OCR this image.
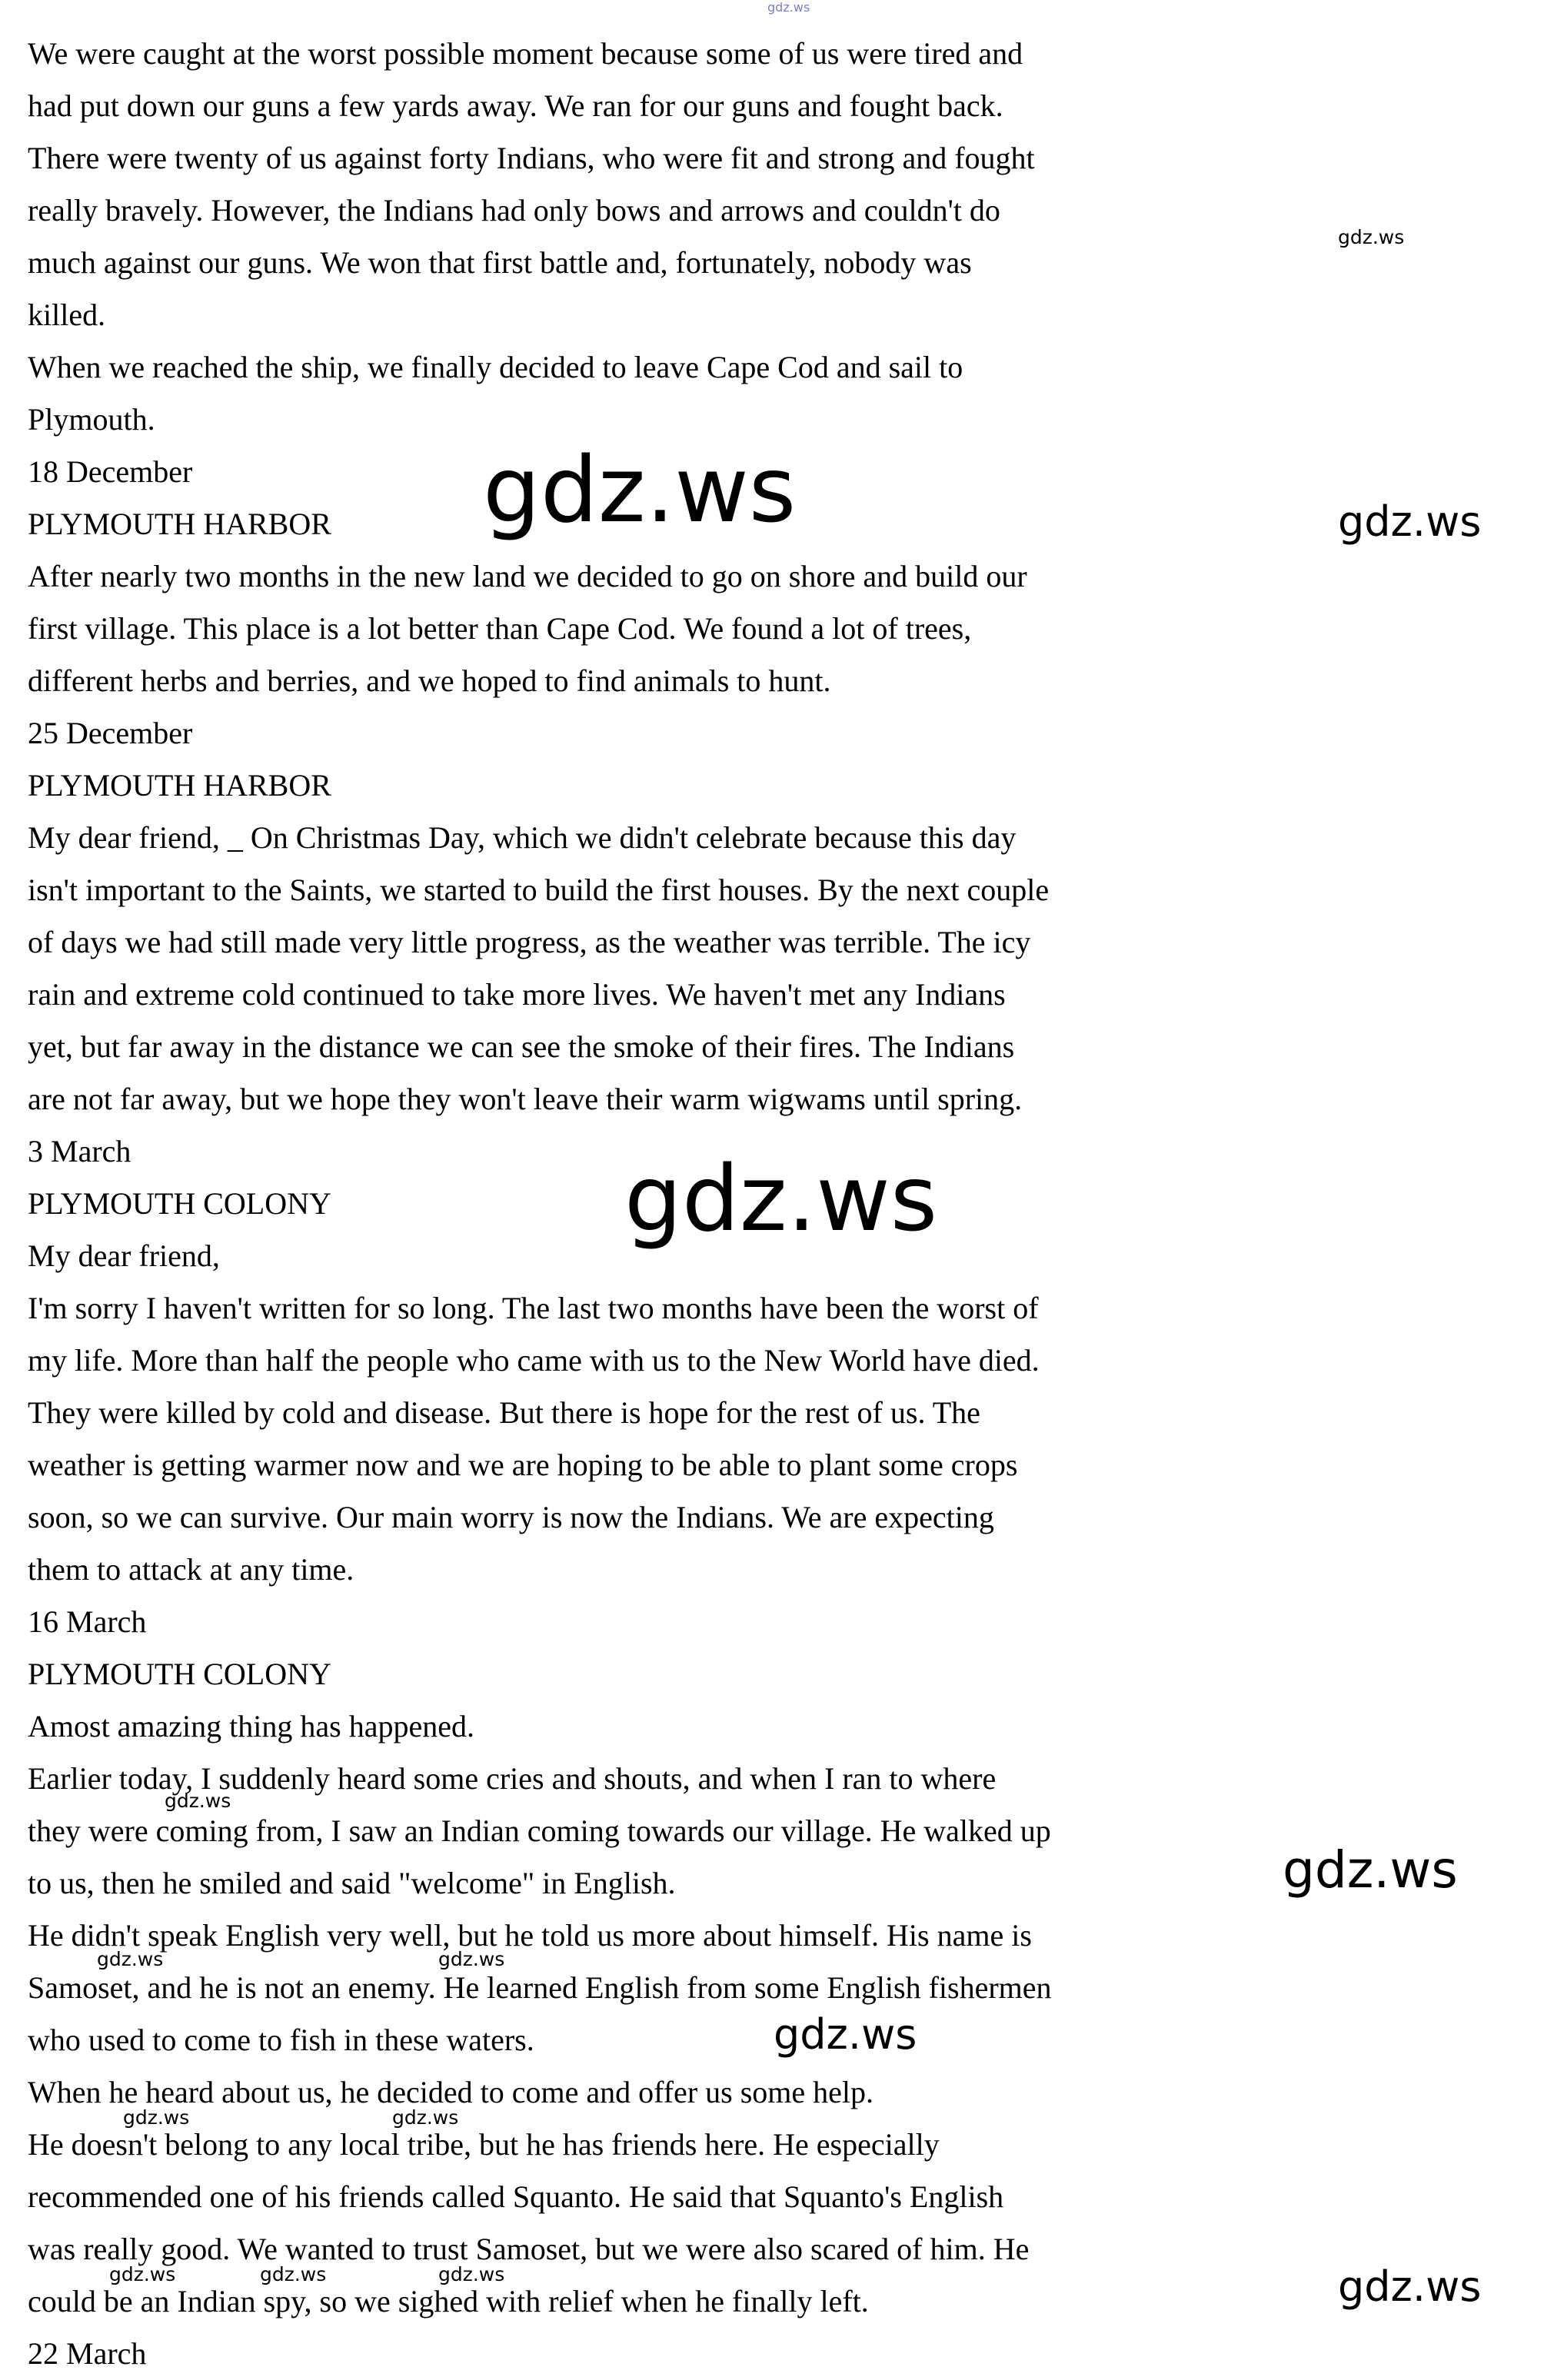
We were caught at the worst possible moment because some of us were tired and
had put down our guns a few yards away. We ran for our guns and fought back.
There were twenty of us against forty Indians, who were fit and strong and fought
really bravely. However, the Indians had only bows and arrows and couldn't do
much against our guns. We won that first battle and, fortunately, nobody was
killed.
When we reached the ship, we finally decided to leave Cape Cod and sail to
Plymouth.
18 December
PLYMOUTH HARBOR
After nearly two months in the new land we decided to go on shore and build our
first village. This place is a lot better than Cape Cod. We found a lot of trees,
different herbs and berries, and we hoped to find animals to hunt.
25 December
PLYMOUTH HARBOR
My dear friend, _ On Christmas Day, which we didn't celebrate because this day
isn't important to the Saints, we started to build the first houses. By the next couple
of days we had still made very little progress, as the weather was terrible. The icy
rain and extreme cold continued to take more lives. We haven't met any Indians
yet, but far away in the distance we can see the smoke of their fires. The Indians
are not far away, but we hope they won't leave their warm wigwams until spring.
3 March
PLYMOUTH COLONY
My dear friend,
I'm sorry I haven't written for so long. The last two months have been the worst of
my life. More than half the people who came with us to the New World have died.
They were killed by cold and disease. But there is hope for the rest of us. The
weather is getting warmer now and we are hoping to be able to plant some crops
soon, so we can survive. Our main worry is now the Indians. We are expecting
them to attack at any time.
16 March
PLYMOUTH COLONY
Amost amazing thing has happened.
Earlier today, I suddenly heard some cries and shouts, and when I ran to where
they were coming from, I saw an Indian coming towards our village. He walked up
to us, then he smiled and said "welcome" in English.
He didn't speak English very well, but he told us more about himself. His name is
Samoset, and he is not an enemy. He learned English from some English fishermen
who used to come to fish in these waters.
When he heard about us, he decided to come and offer us some help.
He doesn't belong to any local tribe, but he has friends here. He especially
recommended one of his friends called Squanto. He said that Squanto's English
was really good. We wanted to trust Samoset, but we were also scared of him. He
could be an Indian spy, so we sighed with relief when he finally left.
22 March
gdz.ws
gdz.ws
gdz.ws	gdz.ws
gdz.ws
gdz.ws
gdz.ws
gdz.ws	gdz.ws
gdz.ws
gdz.ws	gdz.ws
gdz.ws	gdz.ws	gdz.ws	gdz.ws
